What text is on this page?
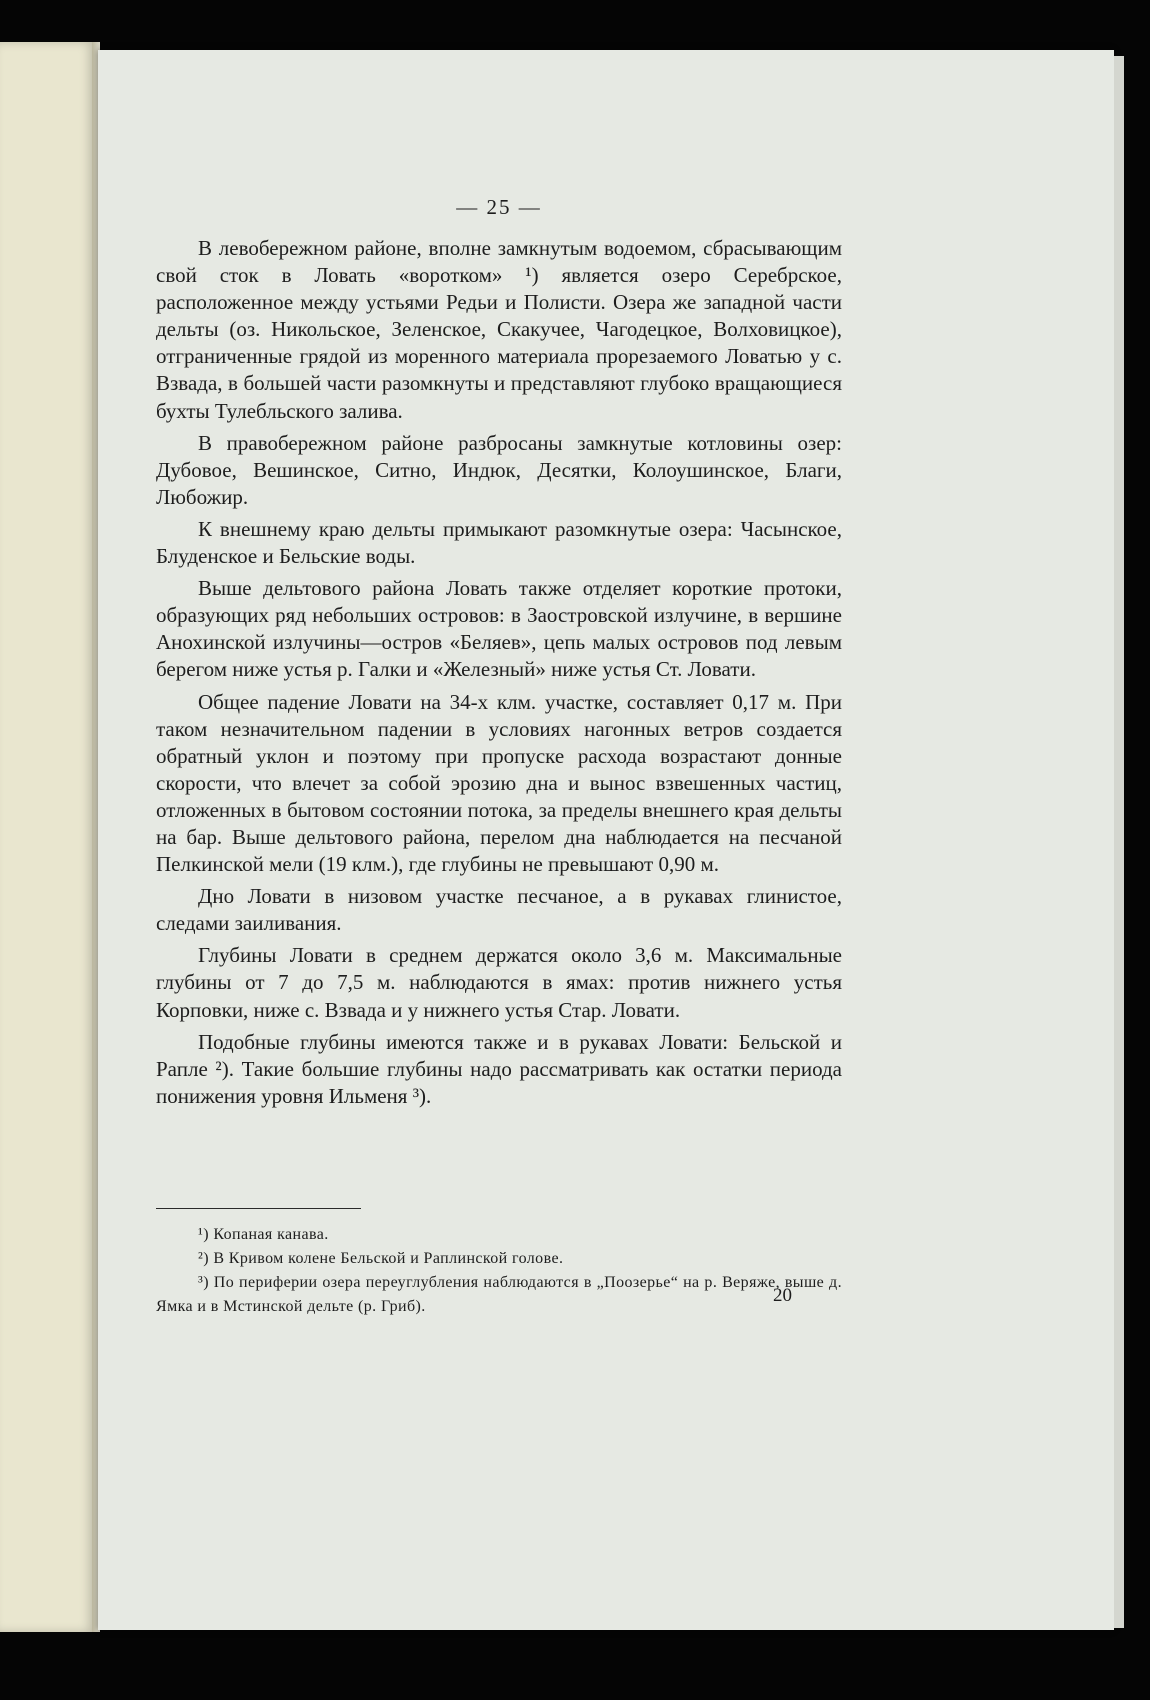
— 25 —

В левобережном районе, вполне замкнутым водоемом, сбрасывающим свой сток в Ловать «воротком» ¹) является озеро Серебрское, расположенное между устьями Редьи и Полисти. Озера же западной части дельты (оз. Никольское, Зеленское, Скакучее, Чагодецкое, Волховицкое), отграниченные грядой из моренного материала прорезаемого Ловатью у с. Взвада, в большей части разомкнуты и представляют глубоко вращающиеся бухты Тулебльского залива.

В правобережном районе разбросаны замкнутые котловины озер: Дубовое, Вешинское, Ситно, Индюк, Десятки, Колоушинское, Благи, Любожир.

К внешнему краю дельты примыкают разомкнутые озера: Часынское, Блуденское и Бельские воды.

Выше дельтового района Ловать также отделяет короткие протоки, образующих ряд небольших островов: в Заостровской излучине, в вершине Анохинской излучины—остров «Беляев», цепь малых островов под левым берегом ниже устья р. Галки и «Железный» ниже устья Ст. Ловати.

Общее падение Ловати на 34-х клм. участке, составляет 0,17 м. При таком незначительном падении в условиях нагонных ветров создается обратный уклон и поэтому при пропуске расхода возрастают донные скорости, что влечет за собой эрозию дна и вынос взвешенных частиц, отложенных в бытовом состоянии потока, за пределы внешнего края дельты на бар. Выше дельтового района, перелом дна наблюдается на песчаной Пелкинской мели (19 клм.), где глубины не превышают 0,90 м.

Дно Ловати в низовом участке песчаное, а в рукавах глинистое, следами заиливания.

Глубины Ловати в среднем держатся около 3,6 м. Максимальные глубины от 7 до 7,5 м. наблюдаются в ямах: против нижнего устья Корповки, ниже с. Взвада и у нижнего устья Стар. Ловати.

Подобные глубины имеются также и в рукавах Ловати: Бельской и Рапле ²). Такие большие глубины надо рассматривать как остатки периода понижения уровня Ильменя ³).

¹) Копаная канава.

²) В Кривом колене Бельской и Раплинской голове.

³) По периферии озера переуглубления наблюдаются в „Поозерье“ на р. Веряже, выше д. Ямка и в Мстинской дельте (р. Гриб).

20
